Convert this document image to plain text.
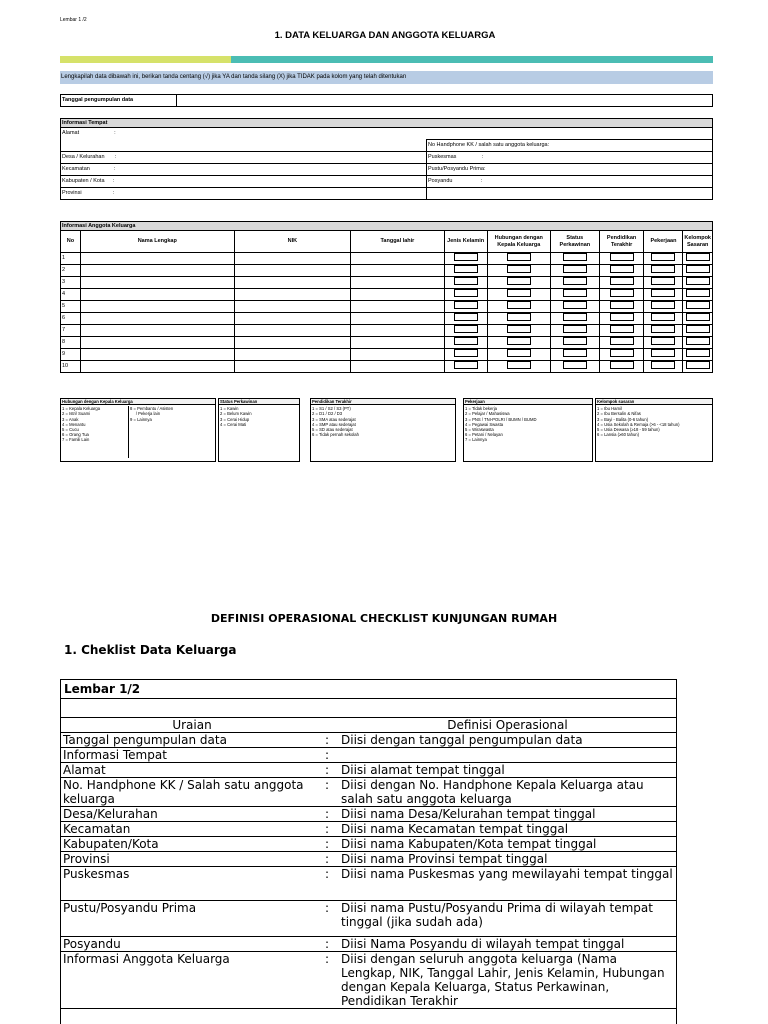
Lembar 1 /2
1. DATA KELUARGA DAN ANGGOTA KELUARGA
Lengkapilah data dibawah ini, berikan tanda centang (√) jika YA dan tanda silang (X) jika TIDAK pada kolom yang telah ditentukan
Tanggal pengumpulan data	
Informasi Tempat	
Alamat :	
	No Handphone KK / salah satu anggota keluarga:
Desa / Kelurahan :	Puskesmas :
Kecamatan :	Pustu/Posyandu Prima:
Kabupaten / Kota :	Posyandu :
Provinsi :	
Informasi Anggota Keluarga									
No	Nama Lengkap	NIK	Tanggal lahir	Jenis Kelamin	Hubungan dengan Kepala Keluarga	Status Perkawinan	Pendidikan Terakhir	Pekerjaan	Kelompok Sasaran
1									
2									
3									
4									
5									
6									
7									
8									
9									
10									
Hubungan dengan Kepala Keluarga
1 = Kepala Keluarga
2 = Istri/ Suami
3 = Anak
4 = Menantu
5 = Cucu
6 = Orang Tua
7 = Famili Lain
8 = Pembantu / Asisten
/ Pekerja lain
9 = Lainnya
Status Perkawinan
1 = Kawin
2 = Belum Kawin
3 = Cerai Hidup
4 = Cerai Mati
Pendidikan Terakhir
1 = S1 / S2 / S3 (PT)
2 = D1 / D2 / D3
3 = SMA atau sederajat
4 = SMP atau sederajat
5 = SD atau sederajat
6 = Tidak pernah sekolah
Pekerjaan
1 = Tidak bekerja
2 = Pelajar / Mahasiswa
3 = PNS / TNI-POLRI / BUMN / BUMD
4 = Pegawai Swasta
5 = Wiraswasta
6 = Petani / Nelayan
7 = Lainnya
Kelompok sasaran
1 = Ibu Hamil
2 = Ibu Bersalin & Nifas
3 = Bayi - Balita (0-6 tahun)
4 = Usia Sekolah & Remaja (>6 - <18 tahun)
5 = Usia Dewasa (≥18 - 59 tahun)
6 = Lansia (≥60 tahun)
DEFINISI OPERASIONAL CHECKLIST KUNJUNGAN RUMAH
1. Cheklist Data Keluarga
Lembar 1/2
Uraian		Definisi Operasional
Tanggal pengumpulan data	:	Diisi dengan tanggal pengumpulan data
Informasi Tempat	:	
Alamat	:	Diisi alamat tempat tinggal
No. Handphone KK / Salah satu anggota keluarga	:	Diisi dengan No. Handphone Kepala Keluarga atau salah satu anggota keluarga
Desa/Kelurahan	:	Diisi nama Desa/Kelurahan tempat tinggal
Kecamatan	:	Diisi nama Kecamatan tempat tinggal
Kabupaten/Kota	:	Diisi nama Kabupaten/Kota tempat tinggal
Provinsi	:	Diisi nama Provinsi tempat tinggal
Puskesmas	:	Diisi nama Puskesmas yang mewilayahi tempat tinggal
Pustu/Posyandu Prima	:	Diisi nama Pustu/Posyandu Prima di wilayah tempat tinggal (jika sudah ada)
Posyandu	:	Diisi Nama Posyandu di wilayah tempat tinggal
Informasi Anggota Keluarga	:	Diisi dengan seluruh anggota keluarga (Nama Lengkap, NIK, Tanggal Lahir, Jenis Kelamin, Hubungan dengan Kepala Keluarga, Status Perkawinan, Pendidikan Terakhir
